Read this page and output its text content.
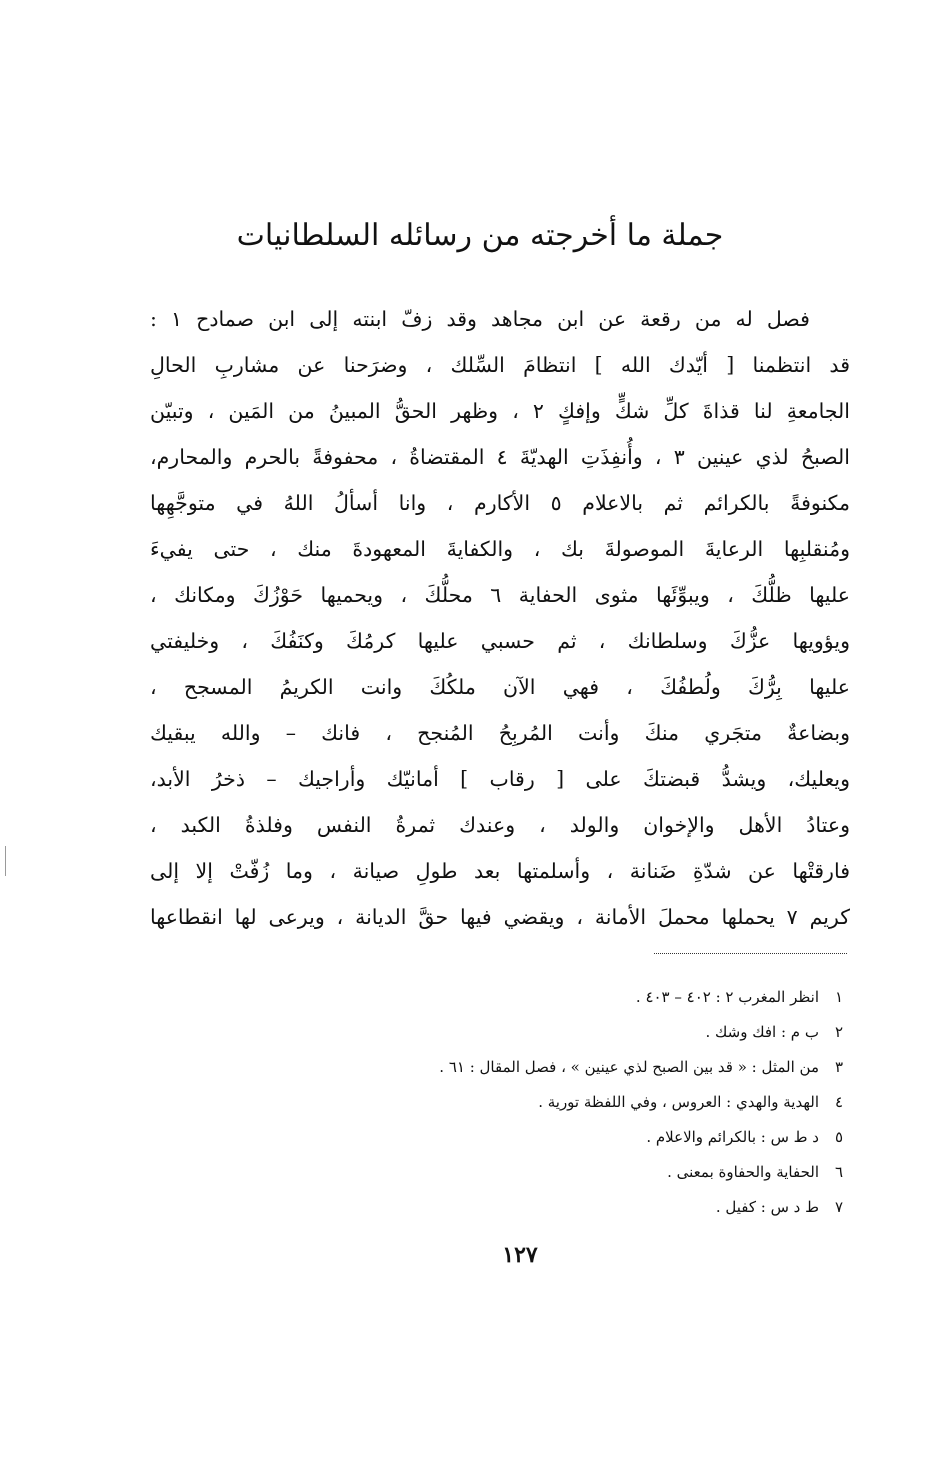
جملة ما أخرجته من رسائله السلطانيات
فصل له من رقعة عن ابن مجاهد وقد زفّ ابنته إلى ابن صمادح ١ :
قد انتظمنا [ أيّدك الله ] انتظامَ السِّلك ، وضرَحنا عن مشاربِ الحالِ
الجامعةِ لنا قذاةَ كلِّ شكٍّ وإفكٍ ٢ ، وظهر الحقُّ المبينُ من المَين ، وتبيّن
الصبحُ لذي عينين ٣ ، وأُنفِذَتِ الهديّةَ ٤ المقتضاةُ ، محفوفةً بالحرم والمحارم،
مكنوفةً بالكرائم ثم بالاعلام ٥ الأكارم ، وانا أسألُ اللهُ في متوجَّهِها
ومُنقلبِها الرعايةَ الموصولةَ بك ، والكفايةَ المعهودةَ منك ، حتى يفيءَ
عليها ظلُّكَ ، ويبوِّئَها مثوى الحفاية ٦ محلُّكَ ، ويحميها حَوْزُكَ ومكانك ،
ويؤويها عزُّكَ وسلطانك ، ثم حسبي عليها كرمُكَ وكنَفُكَ ، وخليفتي
عليها بِرُّكَ ولُطفُكَ ، فهي الآن ملكُكَ وانت الكريمُ المسجح ،
وبضاعةٌ متجَري منكَ وأنت المُربِحُ المُنجح ، فانك – والله يبقيك
ويعليك، ويشدُّ قبضتكَ على [ رقاب ] أمانيّك وأراجيك – ذخرُ الأبد،
وعتادُ الأهل والإخوان والولد ، وعندك ثمرةُ النفس وفلذةُ الكبد ،
فارقتْها عن شدّةِ ضَنانة ، وأسلمتها بعد طولِ صيانة ، وما زُفّتْ إلا إلى
كريم ٧ يحملها محملَ الأمانة ، ويقضي فيها حقَّ الديانة ، ويرعى لها انقطاعها
١انظر المغرب ٢ : ٤٠٢ – ٤٠٣ .
٢ب م : افك وشك .
٣من المثل : « قد بين الصبح لذي عينين » ، فصل المقال : ٦١ .
٤الهدية والهدي : العروس ، وفي اللفظة تورية .
٥د ط س : بالكرائم والاعلام .
٦الحفاية والحفاوة بمعنى .
٧ط د س : كفيل .
١٢٧
